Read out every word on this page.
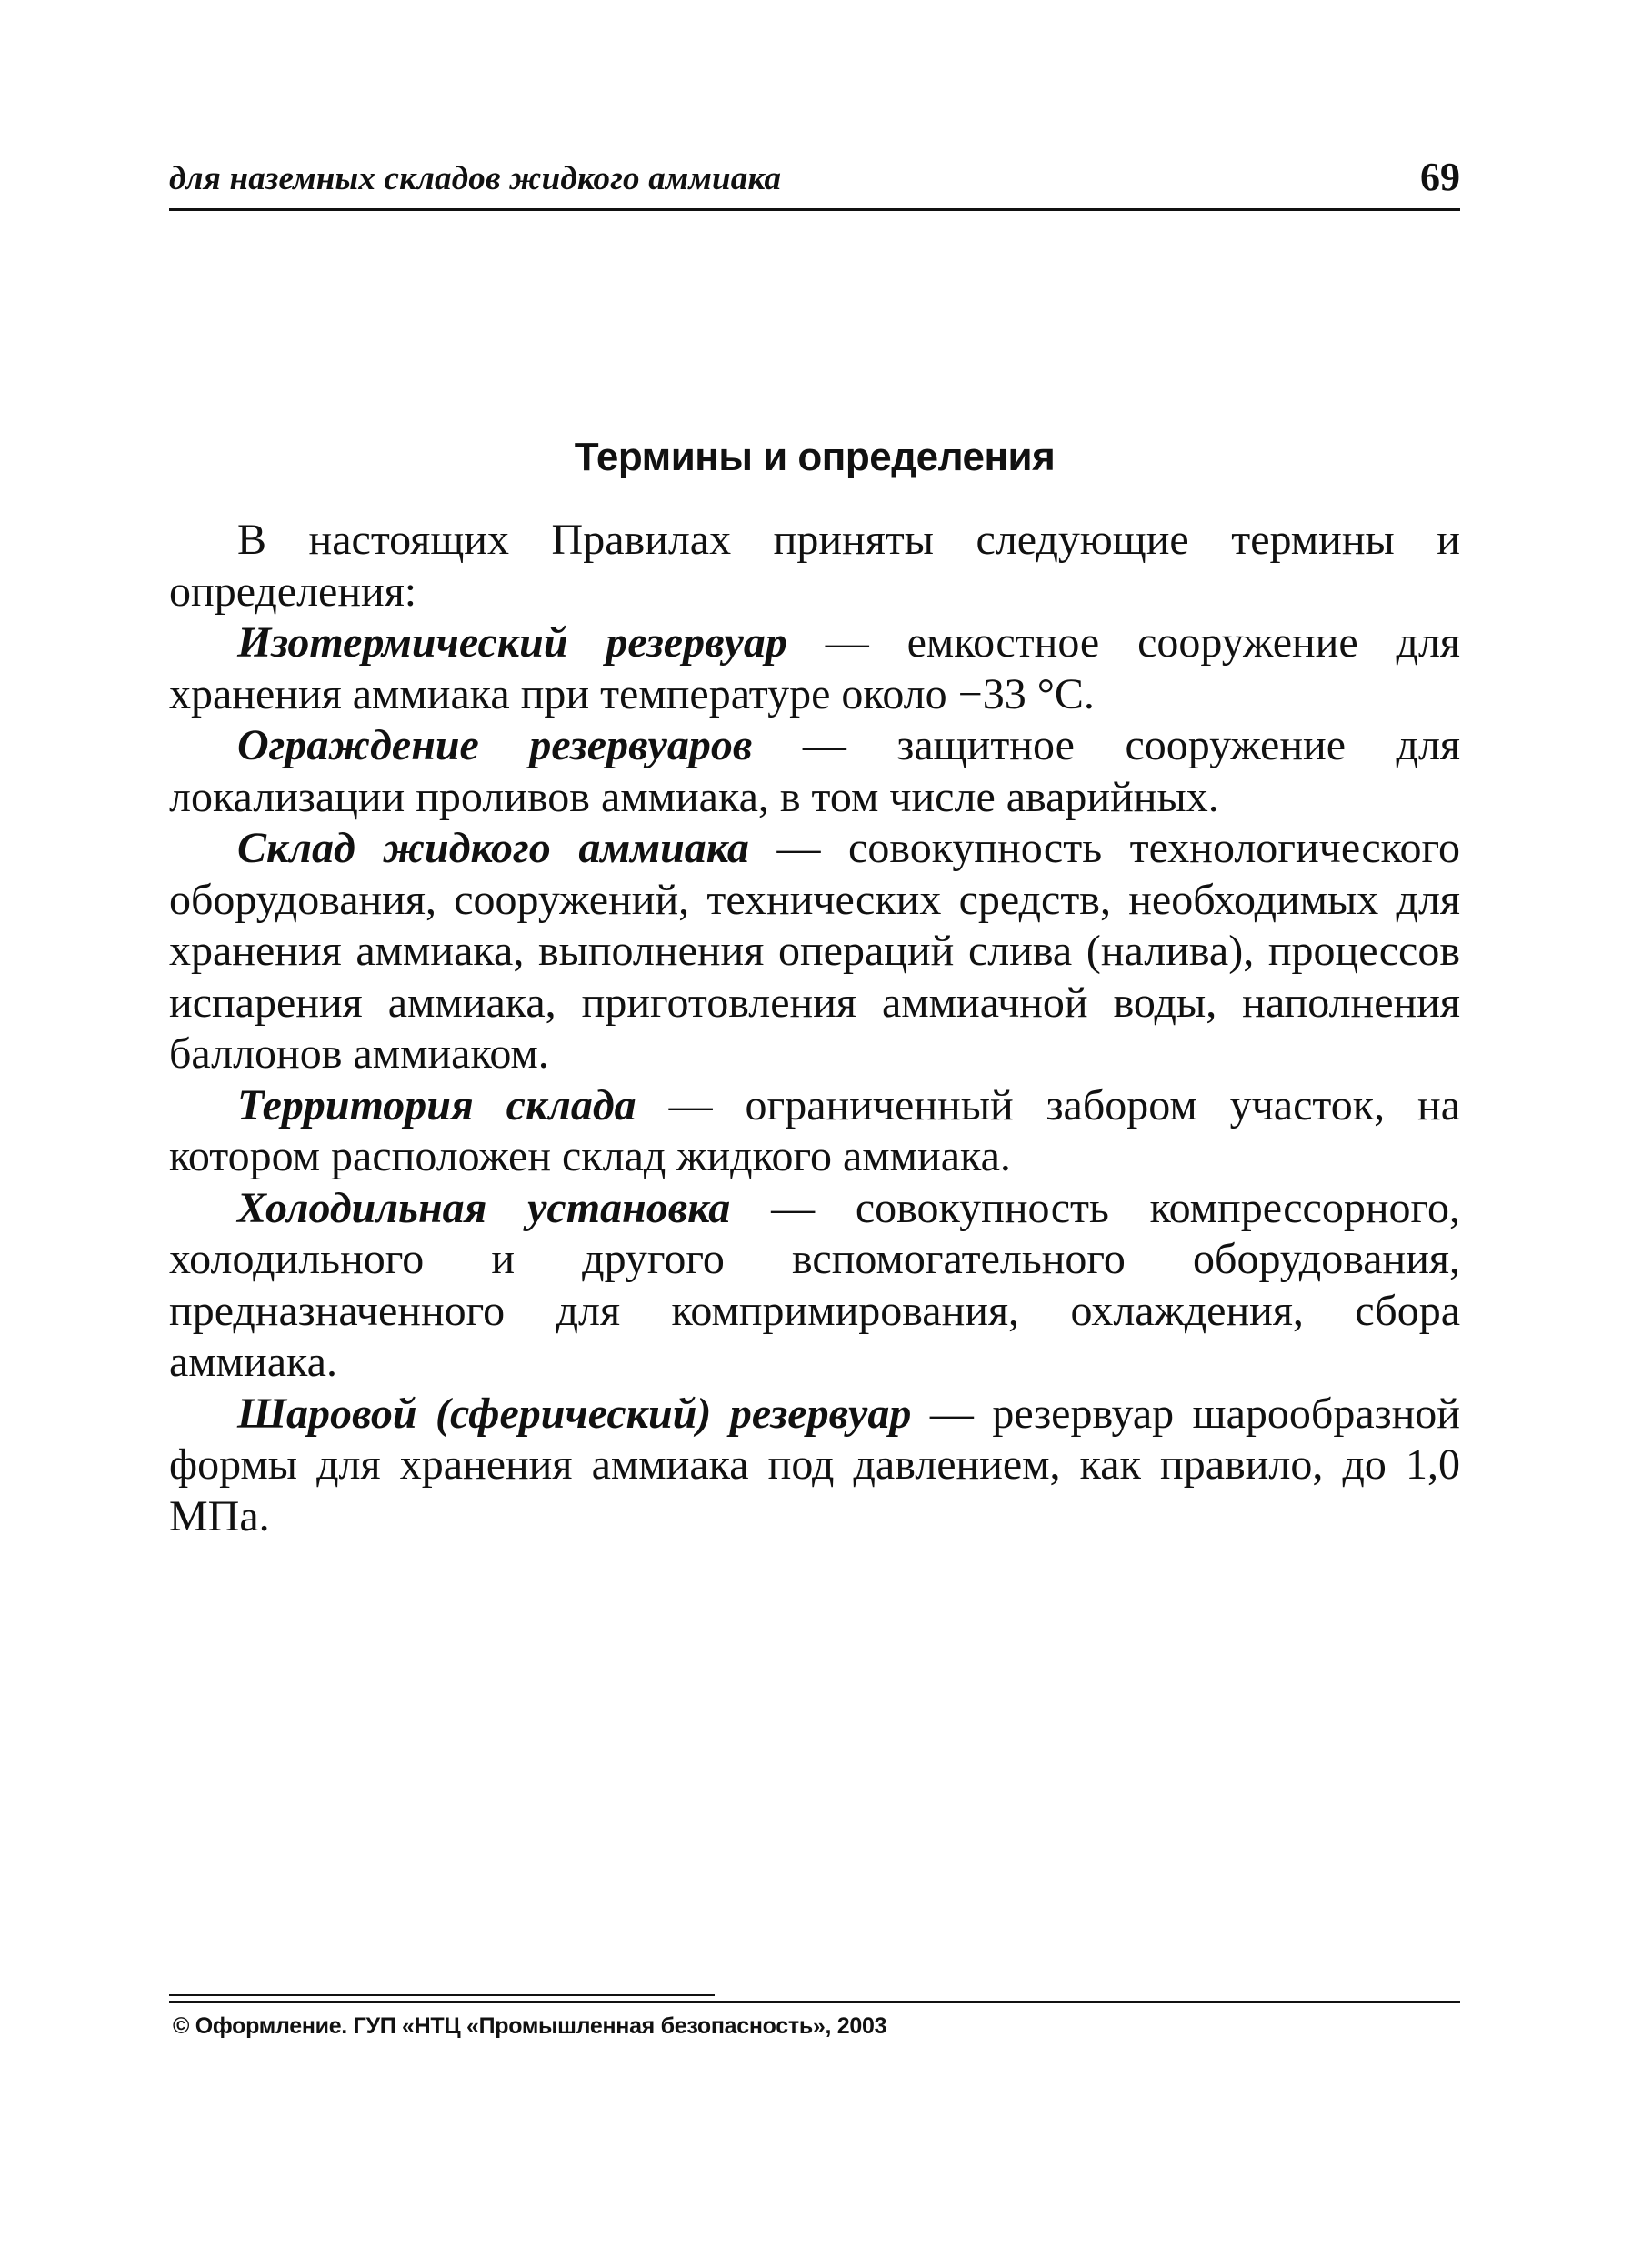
для наземных складов жидкого аммиака	69
Термины и определения

В настоящих Правилах приняты следующие термины и определения:

Изотермический резервуар — емкостное сооружение для хранения аммиака при температуре около −33 °С.

Ограждение резервуаров — защитное сооружение для локализации проливов аммиака, в том числе аварийных.

Склад жидкого аммиака — совокупность технологического оборудования, сооружений, технических средств, необходимых для хранения аммиака, выполнения операций слива (налива), процессов испарения аммиака, приготовления аммиачной воды, наполнения баллонов аммиаком.

Территория склада — ограниченный забором участок, на котором расположен склад жидкого аммиака.

Холодильная установка — совокупность компрессорного, холодильного и другого вспомогательного оборудования, предназначенного для компримирования, охлаждения, сбора аммиака.

Шаровой (сферический) резервуар — резервуар шарообразной формы для хранения аммиака под давлением, как правило, до 1,0 МПа.

© Оформление. ГУП «НТЦ «Промышленная безопасность», 2003
